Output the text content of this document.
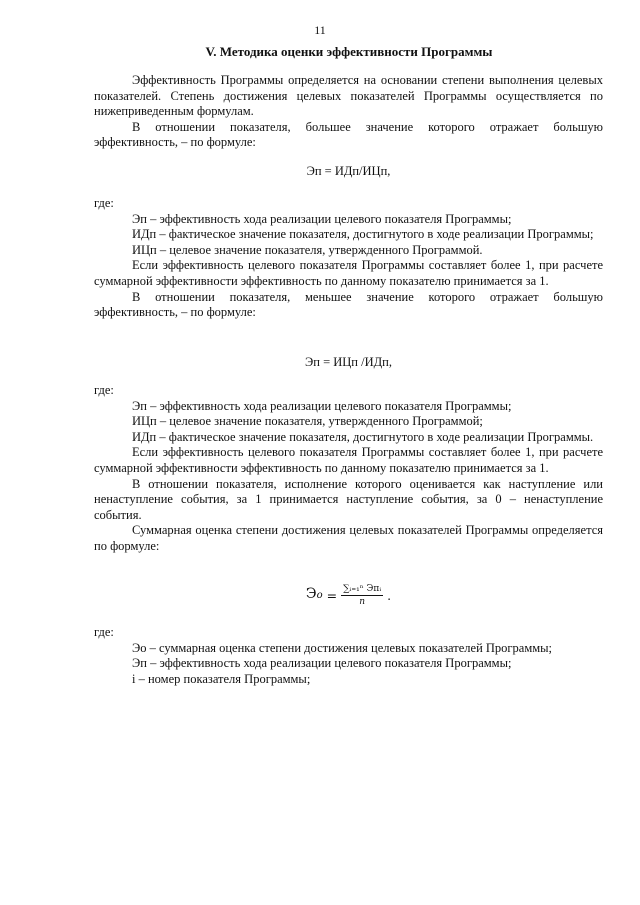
11
V. Методика оценки эффективности Программы

Эффективность Программы определяется на основании степени выполнения целевых показателей. Степень достижения целевых показателей Программы осуществляется по нижеприведенным формулам.

В отношении показателя, большее значение которого отражает большую эффективность, – по формуле:

Эп = ИДп/ИЦп,

где:

Эп – эффективность хода реализации целевого показателя Программы;

ИДп – фактическое значение показателя, достигнутого в ходе реализации Программы;

ИЦп – целевое значение показателя, утвержденного Программой.

Если эффективность целевого показателя Программы составляет более 1, при расчете суммарной эффективности эффективность по данному показателю принимается за 1.

В отношении показателя, меньшее значение которого отражает большую эффективность, – по формуле:

Эп = ИЦп /ИДп,

где:

Эп – эффективность хода реализации целевого показателя Программы;

ИЦп – целевое значение показателя, утвержденного Программой;

ИДп – фактическое значение показателя, достигнутого в ходе реализации Программы.

Если эффективность целевого показателя Программы составляет более 1, при расчете суммарной эффективности эффективность по данному показателю принимается за 1.

В отношении показателя, исполнение которого оценивается как наступление или ненаступление события, за 1 принимается наступление события, за 0 – ненаступление события.

Суммарная оценка степени достижения целевых показателей Программы определяется по формуле:

Эо = $\frac{\text{∑ᵢ₌₁ⁿ Эпᵢ}}{n}$ .

где:

Эо – суммарная оценка степени достижения целевых показателей Программы;

Эп – эффективность хода реализации целевого показателя Программы;

i – номер показателя Программы;
